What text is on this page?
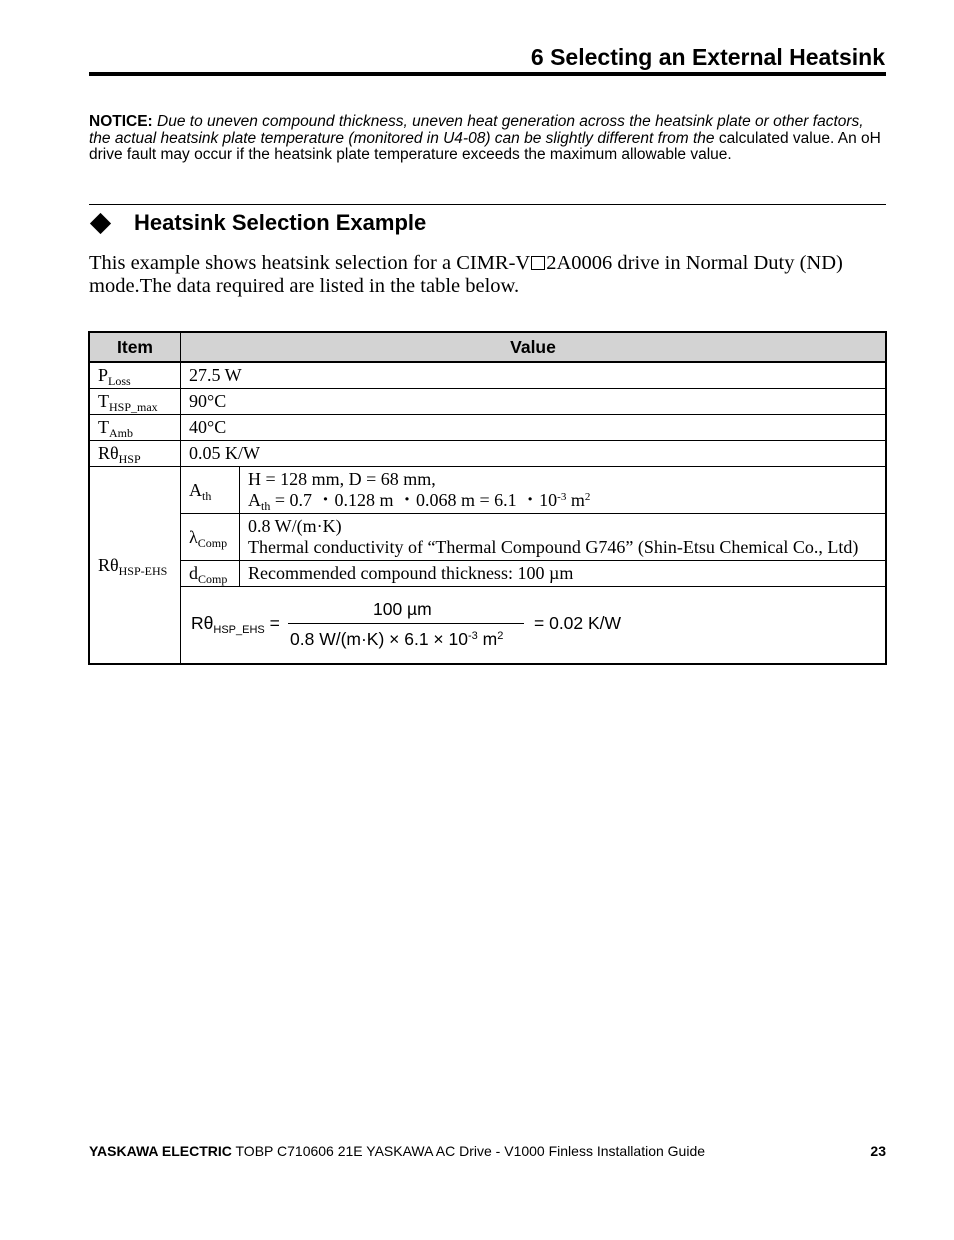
6 Selecting an External Heatsink
NOTICE: Due to uneven compound thickness, uneven heat generation across the heatsink plate or other factors, the actual heatsink plate temperature (monitored in U4-08) can be slightly different from the calculated value. An oH drive fault may occur if the heatsink plate temperature exceeds the maximum allowable value.
Heatsink Selection Example
This example shows heatsink selection for a CIMR-V 2A0006 drive in Normal Duty (ND) mode.The data required are listed in the table below.
Item	Value	
$P_{Loss}$	27.5 W	
$T_{HSP\_max}$	90°C	
$T_{Amb}$	40°C	
$R\theta_{HSP}$	0.05 K/W	
$R\theta_{HSP-EHS}$	$A_{th}$	H = 128 mm, D = 68 mm,
$A_{th} = 0.7$ ・0.128 m ・0.068 m = 6.1 ・$10^{-3}$ $m^2$

	$\lambda_{Comp}$	0.8 W/(m·K)
Thermal conductivity of “Thermal Compound G746” (Shin-Etsu Chemical Co., Ltd)

	$d_{Comp}$	Recommended compound thickness: 100 µm

	$R\theta_{HSP\_EHS}$ =
100 µm
0.8 $W/(m\cdot K) \times 6.1 \times 10^{-3}$ $m^2$
= 0.02 K/W	
YASKAWA ELECTRIC TOBP C710606 21E YASKAWA AC Drive - V1000 Finless Installation Guide	23
